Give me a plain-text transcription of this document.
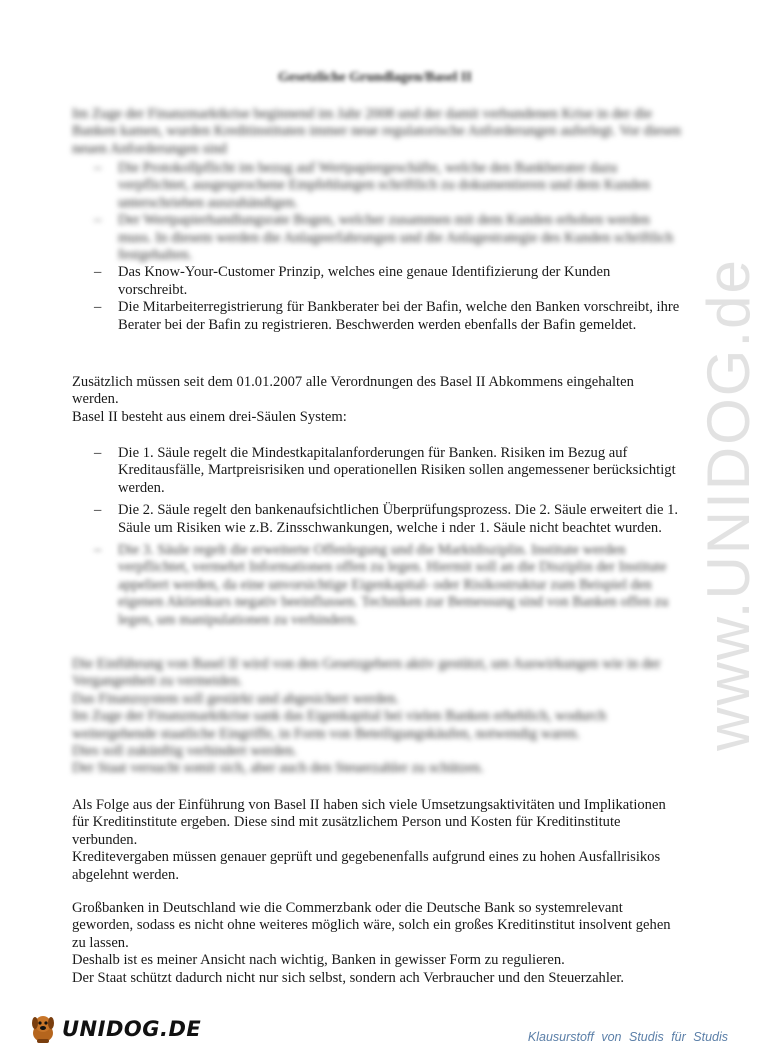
www.UNIDOG.de
Gesetzliche Grundlagen/Basel II

Im Zuge der Finanzmarktkrise beginnend im Jahr 2008 und der damit verbundenen Krise in der die Banken kamen, wurden Kreditinstituten immer neue regulatorische Anforderungen auferlegt. Vor diesen neuen Anforderungen sind

– Die Protokollpflicht im bezug auf Wertpapiergeschäfte, welche den Bankberater dazu verpflichtet, ausgesprochene Empfehlungen schriftlich zu dokumentieren und dem Kunden unterschrieben auszuhändigen.
– Der Wertpapierhandlungsrate Bogen, welcher zusammen mit dem Kunden erhoben werden muss. In diesem werden die Anlageerfahrungen und die Anlagestrategie des Kunden schriftlich festgehalten.
– Das Know-Your-Customer Prinzip, welches eine genaue Identifizierung der Kunden vorschreibt.
– Die Mitarbeiterregistrierung für Bankberater bei der Bafin, welche den Banken vorschreibt, ihre Berater bei der Bafin zu registrieren. Beschwerden werden ebenfalls der Bafin gemeldet.

Zusätzlich müssen seit dem 01.01.2007 alle Verordnungen des Basel II Abkommens eingehalten werden.

Basel II besteht aus einem drei-Säulen System:

– Die 1. Säule regelt die Mindestkapitalanforderungen für Banken. Risiken im Bezug auf Kreditausfälle, Martpreisrisiken und operationellen Risiken sollen angemessener berücksichtigt werden.
– Die 2. Säule regelt den bankenaufsichtlichen Überprüfungsprozess. Die 2. Säule erweitert die 1. Säule um Risiken wie z.B. Zinsschwankungen, welche i nder 1. Säule nicht beachtet wurden.
– Die 3. Säule regelt die erweiterte Offenlegung und die Marktdisziplin. Institute werden verpflichtet, vermehrt Informationen offen zu legen. Hiermit soll an die Disziplin der Institute appeliert werden, da eine unvorsichtige Eigenkapital- oder Risikostruktur zum Beispiel den eigenen Aktienkurs negativ beeinflussen. Techniken zur Bemessung sind von Banken offen zu legen, um manipulationen zu verhindern.

Die Einführung von Basel II wird von den Gesetzgebern aktiv gestützt, um Auswirkungen wie in der Vergangenheit zu vermeiden.

Das Finanzsystem soll gestärkt und abgesichert werden.

Im Zuge der Finanzmarktkrise sank das Eigenkapital bei vielen Banken erheblich, wodurch weitergehende staatliche Eingriffe, in Form von Beteiligungskäufen, notwendig waren.

Dies soll zukünftig verhindert werden.

Der Staat versucht somit sich, aber auch den Steuerzahler zu schützen.

Als Folge aus der Einführung von Basel II haben sich viele Umsetzungsaktivitäten und Implikationen für Kreditinstitute ergeben. Diese sind mit zusätzlichem Person und Kosten für Kreditinstitute verbunden.

Kreditevergaben müssen genauer geprüft und gegebenenfalls aufgrund eines zu hohen Ausfallrisikos abgelehnt werden.

Großbanken in Deutschland wie die Commerzbank oder die Deutsche Bank so systemrelevant geworden, sodass es nicht ohne weiteres möglich wäre, solch ein großes Kreditinstitut insolvent gehen zu lassen.

Deshalb ist es meiner Ansicht nach wichtig, Banken in gewisser Form zu regulieren.

Der Staat schützt dadurch nicht nur sich selbst, sondern ach Verbraucher und den Steuerzahler.

UNIDOG.DE	Klausurstoff von Studis für Studis
